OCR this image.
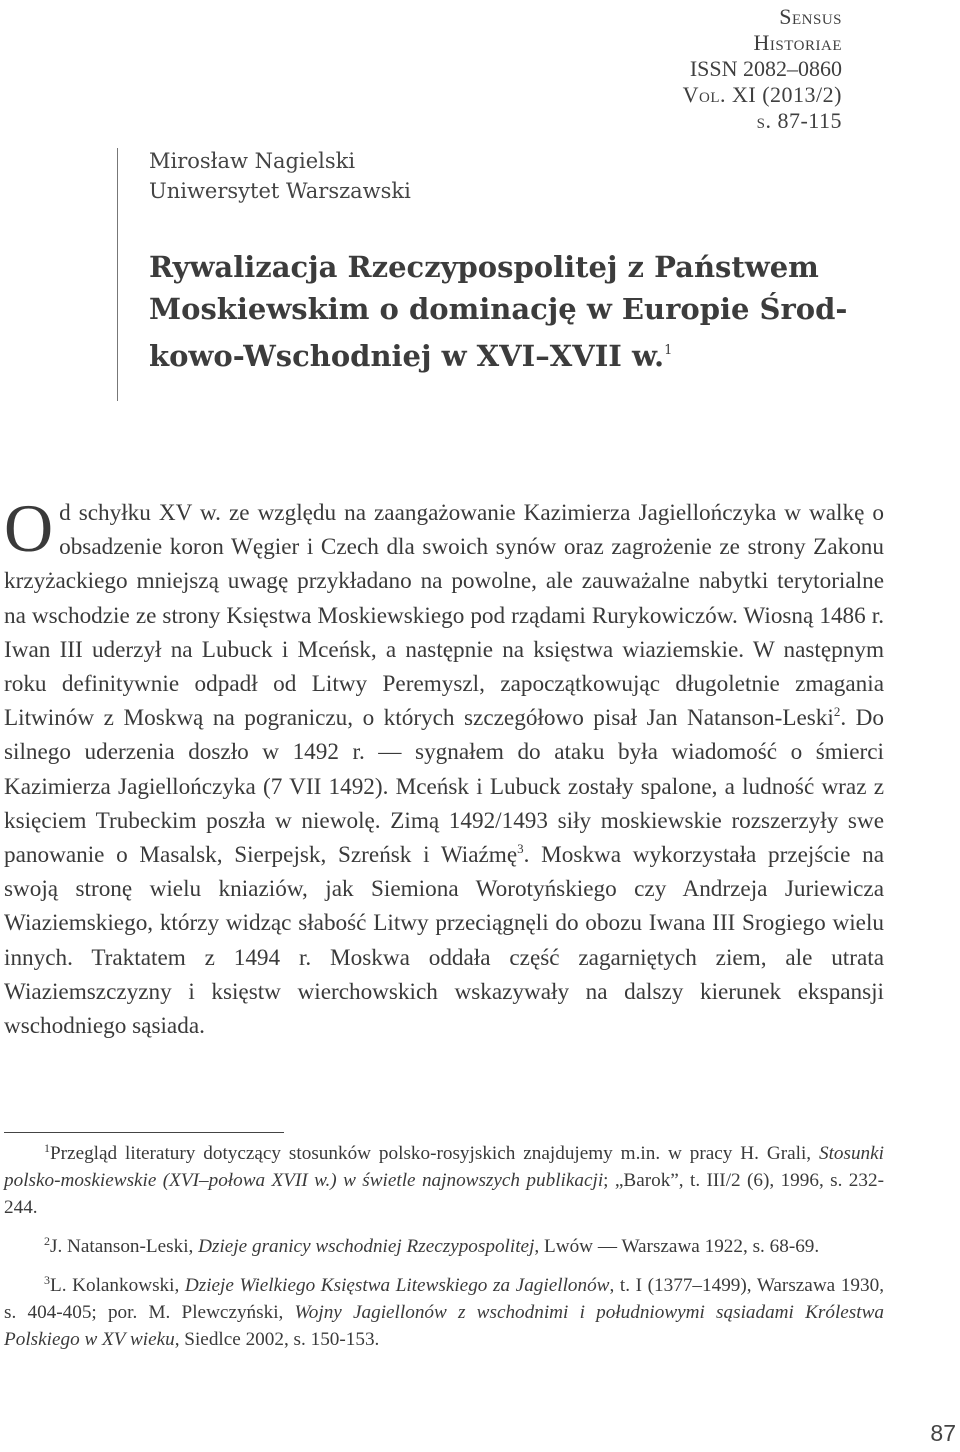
Sensus
Historiae
ISSN 2082–0860
Vol. XI (2013/2)
s. 87-115
Mirosław Nagielski
Uniwersytet Warszawski
Rywalizacja Rzeczypospolitej z Państwem Moskiewskim o dominację w Europie Środ-kowo-Wschodniej w XVI–XVII w.$^1$

Od schyłku XV w. ze względu na zaangażowanie Kazimierza Jagiellończyka w walkę o obsadzenie koron Węgier i Czech dla swoich synów oraz zagrożenie ze strony Zakonu krzyżackiego mniejszą uwagę przykładano na powolne, ale zauważalne nabytki terytorialne na wschodzie ze strony Księstwa Moskiewskiego pod rządami Rurykowiczów. Wiosną 1486 r. Iwan III uderzył na Lubuck i Mceńsk, a następnie na księstwa wiaziemskie. W następnym roku definitywnie odpadł od Litwy Peremyszl, zapoczątkowując długoletnie zmagania Litwinów z Moskwą na pograniczu, o których szczegółowo pisał Jan Natanson-Leski$^2$. Do silnego uderzenia doszło w 1492 r. — sygnałem do ataku była wiadomość o śmierci Kazimierza Jagiellończyka (7 VII 1492). Mceńsk i Lubuck zostały spalone, a ludność wraz z księciem Trubeckim poszła w niewolę. Zimą 1492/1493 siły moskiewskie rozszerzyły swe panowanie o Masalsk, Sierpejsk, Szreńsk i Wiaźmę$^3$. Moskwa wykorzystała przejście na swoją stronę wielu kniaziów, jak Siemiona Worotyńskiego czy Andrzeja Juriewicza Wiaziemskiego, którzy widząc słabość Litwy przeciągnęli do obozu Iwana III Srogiego wielu innych. Traktatem z 1494 r. Moskwa oddała część zagarniętych ziem, ale utrata Wiaziemszczyzny i księstw wierchowskich wskazywały na dalszy kierunek ekspansji wschodniego sąsiada.

$^1$Przegląd literatury dotyczący stosunków polsko-rosyjskich znajdujemy m.in. w pracy H. Grali, Stosunki polsko-moskiewskie (XVI–połowa XVII w.) w świetle najnowszych publikacji; „Barok”, t. III/2 (6), 1996, s. 232-244.

$^2$J. Natanson-Leski, Dzieje granicy wschodniej Rzeczypospolitej, Lwów — Warszawa 1922, s. 68-69.

$^3$L. Kolankowski, Dzieje Wielkiego Księstwa Litewskiego za Jagiellonów, t. I (1377–1499), Warszawa 1930, s. 404-405; por. M. Plewczyński, Wojny Jagiellonów z wschodnimi i południowymi sąsiadami Królestwa Polskiego w XV wieku, Siedlce 2002, s. 150-153.

87
